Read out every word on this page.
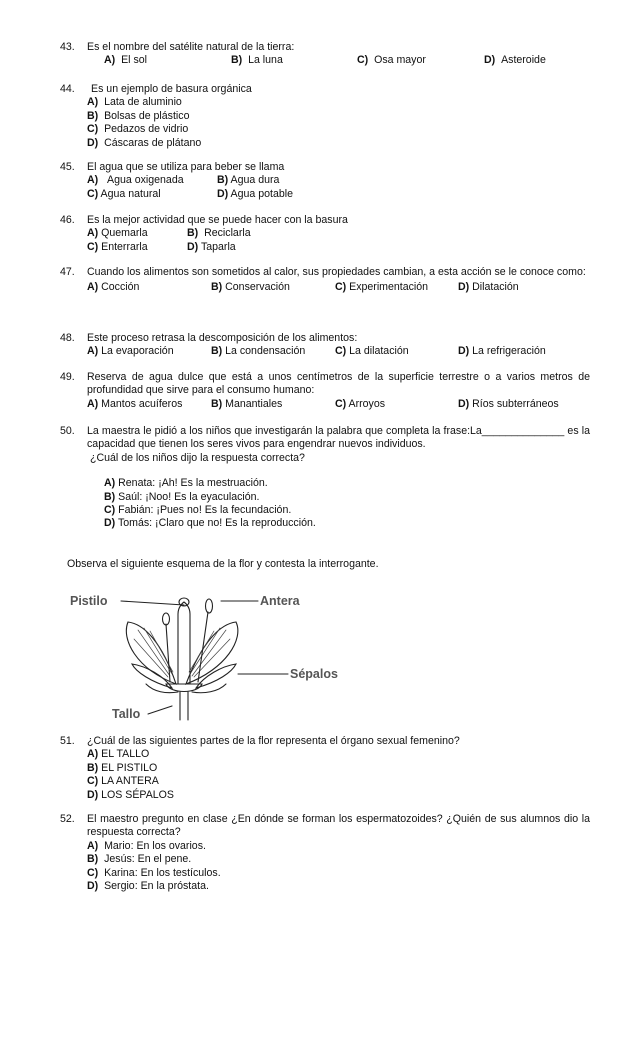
43.	Es el nombre del satélite natural de la tierra:
A) El sol	B) La luna	C) Osa mayor	D) Asteroide
44.	Es un ejemplo de basura orgánica
A) Lata de aluminio
B) Bolsas de plástico
C) Pedazos de vidrio
D) Cáscaras de plátano
45.	El agua que se utiliza para beber se llama
A) Agua oxigenada	B) Agua dura
C) Agua natural	D) Agua potable
46.	Es la mejor actividad que se puede hacer con la basura
A) Quemarla	B) Reciclarla
C) Enterrarla	D) Taparla
47.	Cuando los alimentos son sometidos al calor, sus propiedades cambian, a esta acción se le conoce como:
A) Cocción	B) Conservación	C) Experimentación	D) Dilatación
48.	Este proceso retrasa la descomposición de los alimentos:
A) La evaporación	B) La condensación	C) La dilatación	D) La refrigeración
49.	Reserva de agua dulce que está a unos centímetros de la superficie terrestre o a varios metros de profundidad que sirve para el consumo humano:
A) Mantos acuíferos	B) Manantiales	C) Arroyos	D) Ríos subterráneos
50.	La maestra le pidió a los niños que investigarán la palabra que completa la frase:La______________ es la capacidad que tienen los seres vivos para engendrar nuevos individuos.
¿Cuál de los niños dijo la respuesta correcta?
A) Renata: ¡Ah! Es la mestruación.
B) Saúl: ¡Noo! Es la eyaculación.
C) Fabián: ¡Pues no! Es la fecundación.
D) Tomás: ¡Claro que no! Es la reproducción.
Observa el siguiente esquema de la flor y contesta la interrogante.
Pistilo	Antera
Sépalos
Tallo
51.	¿Cuál de las siguientes partes de la flor representa el órgano sexual femenino?
A) EL TALLO
B) EL PISTILO
C) LA ANTERA
D) LOS SÉPALOS
52.	El maestro pregunto en clase ¿En dónde se forman los espermatozoides? ¿Quién de sus alumnos dio la respuesta correcta?
A) Mario: En los ovarios.
B) Jesús: En el pene.
C) Karina: En los testículos.
D) Sergio: En la próstata.
